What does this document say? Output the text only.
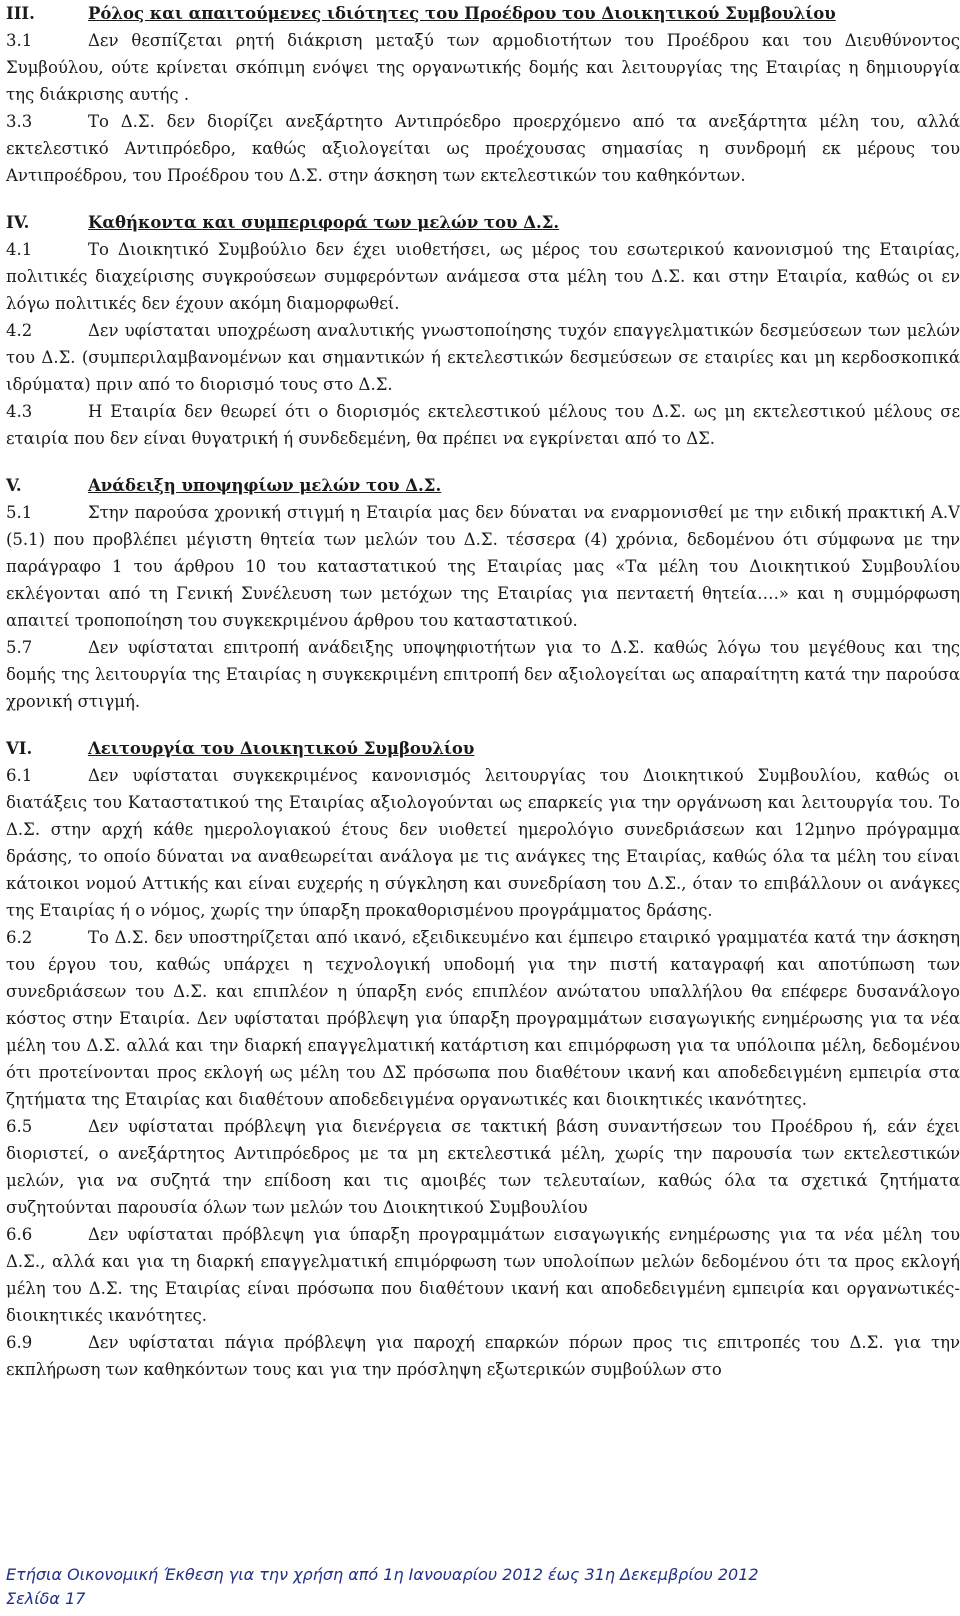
III.	Ρόλος και απαιτούμενες ιδιότητες του Προέδρου του Διοικητικού Συμβουλίου

3.1	Δεν θεσπίζεται ρητή διάκριση μεταξύ των αρμοδιοτήτων του Προέδρου και του Διευθύνοντος Συμβούλου, ούτε κρίνεται σκόπιμη ενόψει της οργανωτικής δομής και λειτουργίας της Εταιρίας η δημιουργία της διάκρισης αυτής .

3.3	Το Δ.Σ. δεν διορίζει ανεξάρτητο Αντιπρόεδρο προερχόμενο από τα ανεξάρτητα μέλη του, αλλά εκτελεστικό Αντιπρόεδρο, καθώς αξιολογείται ως προέχουσας σημασίας η συνδρομή εκ μέρους του Αντιπροέδρου, του Προέδρου του Δ.Σ. στην άσκηση των εκτελεστικών του καθηκόντων.

IV.	Καθήκοντα και συμπεριφορά των μελών του Δ.Σ.

4.1	Το Διοικητικό Συμβούλιο δεν έχει υιοθετήσει, ως μέρος του εσωτερικού κανονισμού της Εταιρίας, πολιτικές διαχείρισης συγκρούσεων συμφερόντων ανάμεσα στα μέλη του Δ.Σ. και στην Εταιρία, καθώς οι εν λόγω πολιτικές δεν έχουν ακόμη διαμορφωθεί.

4.2	Δεν υφίσταται υποχρέωση αναλυτικής γνωστοποίησης τυχόν επαγγελματικών δεσμεύσεων των μελών του Δ.Σ. (συμπεριλαμβανομένων και σημαντικών ή εκτελεστικών δεσμεύσεων σε εταιρίες και μη κερδοσκοπικά ιδρύματα) πριν από το διορισμό τους στο Δ.Σ.

4.3	Η Εταιρία δεν θεωρεί ότι ο διορισμός εκτελεστικού μέλους του Δ.Σ. ως μη εκτελεστικού μέλους σε εταιρία που δεν είναι θυγατρική ή συνδεδεμένη, θα πρέπει να εγκρίνεται από το ΔΣ.

V.	Ανάδειξη υποψηφίων μελών του Δ.Σ.

5.1	Στην παρούσα χρονική στιγμή η Εταιρία μας δεν δύναται να εναρμονισθεί με την ειδική πρακτική Α.V (5.1) που προβλέπει μέγιστη θητεία των μελών του Δ.Σ. τέσσερα (4) χρόνια, δεδομένου ότι σύμφωνα με την παράγραφο 1 του άρθρου 10 του καταστατικού της Εταιρίας μας «Τα μέλη του Διοικητικού Συμβουλίου εκλέγονται από τη Γενική Συνέλευση των μετόχων της Εταιρίας για πενταετή θητεία….» και η συμμόρφωση απαιτεί τροποποίηση του συγκεκριμένου άρθρου του καταστατικού.

5.7	Δεν υφίσταται επιτροπή ανάδειξης υποψηφιοτήτων για το Δ.Σ. καθώς λόγω του μεγέθους και της δομής της λειτουργία της Εταιρίας η συγκεκριμένη επιτροπή δεν αξιολογείται ως απαραίτητη κατά την παρούσα χρονική στιγμή.

VI.	Λειτουργία του Διοικητικού Συμβουλίου

6.1	Δεν υφίσταται συγκεκριμένος κανονισμός λειτουργίας του Διοικητικού Συμβουλίου, καθώς οι διατάξεις του Καταστατικού της Εταιρίας αξιολογούνται ως επαρκείς για την οργάνωση και λειτουργία του. Το Δ.Σ. στην αρχή κάθε ημερολογιακού έτους δεν υιοθετεί ημερολόγιο συνεδριάσεων και 12μηνο πρόγραμμα δράσης, το οποίο δύναται να αναθεωρείται ανάλογα με τις ανάγκες της Εταιρίας, καθώς όλα τα μέλη του είναι κάτοικοι νομού Αττικής και είναι ευχερής η σύγκληση και συνεδρίαση του Δ.Σ., όταν το επιβάλλουν οι ανάγκες της Εταιρίας ή ο νόμος, χωρίς την ύπαρξη προκαθορισμένου προγράμματος δράσης.

6.2	Το Δ.Σ. δεν υποστηρίζεται από ικανό, εξειδικευμένο και έμπειρο εταιρικό γραμματέα κατά την άσκηση του έργου του, καθώς υπάρχει η τεχνολογική υποδομή για την πιστή καταγραφή και αποτύπωση των συνεδριάσεων του Δ.Σ. και επιπλέον η ύπαρξη ενός επιπλέον ανώτατου υπαλλήλου θα επέφερε δυσανάλογο κόστος στην Εταιρία. Δεν υφίσταται πρόβλεψη για ύπαρξη προγραμμάτων εισαγωγικής ενημέρωσης για τα νέα μέλη του Δ.Σ. αλλά και την διαρκή επαγγελματική κατάρτιση και επιμόρφωση για τα υπόλοιπα μέλη, δεδομένου ότι προτείνονται προς εκλογή ως μέλη του ΔΣ πρόσωπα που διαθέτουν ικανή και αποδεδειγμένη εμπειρία στα ζητήματα της Εταιρίας και διαθέτουν αποδεδειγμένα οργανωτικές και διοικητικές ικανότητες.

6.5	Δεν υφίσταται πρόβλεψη για διενέργεια σε τακτική βάση συναντήσεων του Προέδρου ή, εάν έχει διοριστεί, ο ανεξάρτητος Αντιπρόεδρος με τα μη εκτελεστικά μέλη, χωρίς την παρουσία των εκτελεστικών μελών, για να συζητά την επίδοση και τις αμοιβές των τελευταίων, καθώς όλα τα σχετικά ζητήματα συζητούνται παρουσία όλων των μελών του Διοικητικού Συμβουλίου

6.6	Δεν υφίσταται πρόβλεψη για ύπαρξη προγραμμάτων εισαγωγικής ενημέρωσης για τα νέα μέλη του Δ.Σ., αλλά και για τη διαρκή επαγγελματική επιμόρφωση των υπολοίπων μελών δεδομένου ότι τα προς εκλογή μέλη του Δ.Σ. της Εταιρίας είναι πρόσωπα που διαθέτουν ικανή και αποδεδειγμένη εμπειρία και οργανωτικές-διοικητικές ικανότητες.

6.9	Δεν υφίσταται πάγια πρόβλεψη για παροχή επαρκών πόρων προς τις επιτροπές του Δ.Σ. για την εκπλήρωση των καθηκόντων τους και για την πρόσληψη εξωτερικών συμβούλων στο

Ετήσια Οικονομική Έκθεση για την χρήση από 1η Ιανουαρίου 2012 έως 31η Δεκεμβρίου 2012
Σελίδα 17
